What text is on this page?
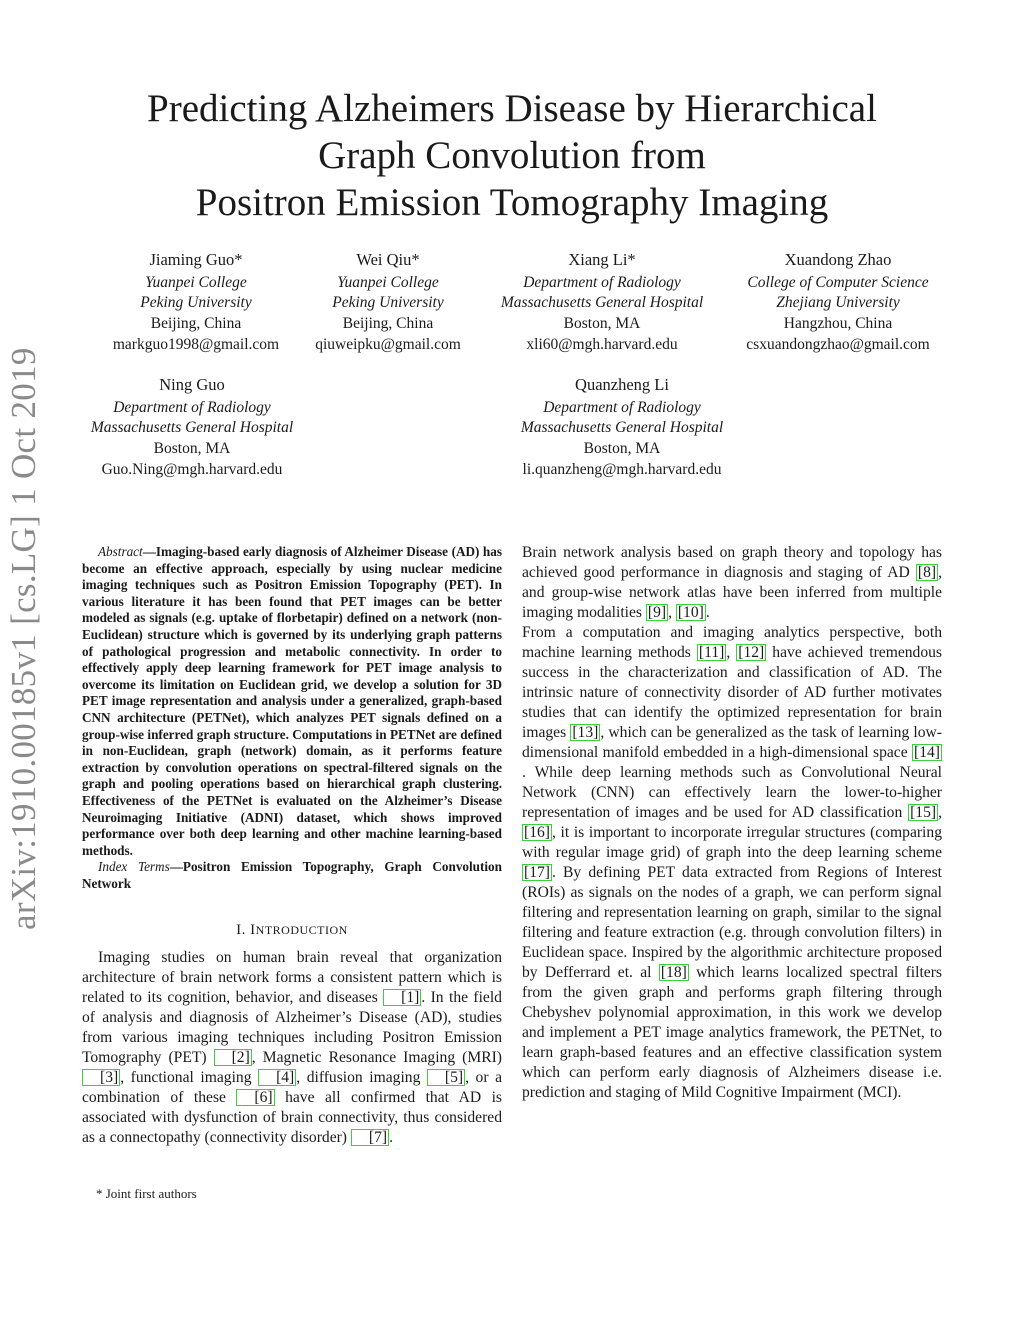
arXiv:1910.00185v1 [cs.LG] 1 Oct 2019
Predicting Alzheimers Disease by Hierarchical
Graph Convolution from
Positron Emission Tomography Imaging
Jiaming Guo*
Yuanpei College
Peking University
Beijing, China
markguo1998@gmail.com
Wei Qiu*
Yuanpei College
Peking University
Beijing, China
qiuweipku@gmail.com
Xiang Li*
Department of Radiology
Massachusetts General Hospital
Boston, MA
xli60@mgh.harvard.edu
Xuandong Zhao
College of Computer Science
Zhejiang University
Hangzhou, China
csxuandongzhao@gmail.com
Ning Guo
Department of Radiology
Massachusetts General Hospital
Boston, MA
Guo.Ning@mgh.harvard.edu
Quanzheng Li
Department of Radiology
Massachusetts General Hospital
Boston, MA
li.quanzheng@mgh.harvard.edu

Abstract—Imaging-based early diagnosis of Alzheimer Disease (AD) has become an effective approach, especially by using nuclear medicine imaging techniques such as Positron Emission Topography (PET). In various literature it has been found that PET images can be better modeled as signals (e.g. uptake of florbetapir) defined on a network (non-Euclidean) structure which is governed by its underlying graph patterns of pathological progression and metabolic connectivity. In order to effectively apply deep learning framework for PET image analysis to overcome its limitation on Euclidean grid, we develop a solution for 3D PET image representation and analysis under a generalized, graph-based CNN architecture (PETNet), which analyzes PET signals defined on a group-wise inferred graph structure. Computations in PETNet are defined in non-Euclidean, graph (network) domain, as it performs feature extraction by convolution operations on spectral-filtered signals on the graph and pooling operations based on hierarchical graph clustering. Effectiveness of the PETNet is evaluated on the Alzheimer’s Disease Neuroimaging Initiative (ADNI) dataset, which shows improved performance over both deep learning and other machine learning-based methods.

Index Terms—Positron Emission Topography, Graph Convolution Network

I. INTRODUCTION

Imaging studies on human brain reveal that organization architecture of brain network forms a consistent pattern which is related to its cognition, behavior, and diseases [1] . In the field of analysis and diagnosis of Alzheimer’s Disease (AD), studies from various imaging techniques including Positron Emission Tomography (PET) [2] , Magnetic Resonance Imaging (MRI) [3] , functional imaging [4] , diffusion imaging [5] , or a combination of these [6] have all confirmed that AD is associated with dysfunction of brain connectivity, thus considered as a connectopathy (connectivity disorder) [7] .

* Joint first authors

Brain network analysis based on graph theory and topology has achieved good performance in diagnosis and staging of AD [8] , and group-wise network atlas have been inferred from multiple imaging modalities [9] , [10] .

From a computation and imaging analytics perspective, both machine learning methods [11] , [12] have achieved tremendous success in the characterization and classification of AD. The intrinsic nature of connectivity disorder of AD further motivates studies that can identify the optimized representation for brain images [13] , which can be generalized as the task of learning low-dimensional manifold embedded in a high-dimensional space [14]. While deep learning methods such as Convolutional Neural Network (CNN) can effectively learn the lower-to-higher representation of images and be used for AD classification [15] , [16] , it is important to incorporate irregular structures (comparing with regular image grid) of graph into the deep learning scheme [17] . By defining PET data extracted from Regions of Interest (ROIs) as signals on the nodes of a graph, we can perform signal filtering and representation learning on graph, similar to the signal filtering and feature extraction (e.g. through convolution filters) in Euclidean space. Inspired by the algorithmic architecture proposed by Defferrard et. al [18] which learns localized spectral filters from the given graph and performs graph filtering through Chebyshev polynomial approximation, in this work we develop and implement a PET image analytics framework, the PETNet, to learn graph-based features and an effective classification system which can perform early diagnosis of Alzheimers disease i.e. prediction and staging of Mild Cognitive Impairment (MCI).
